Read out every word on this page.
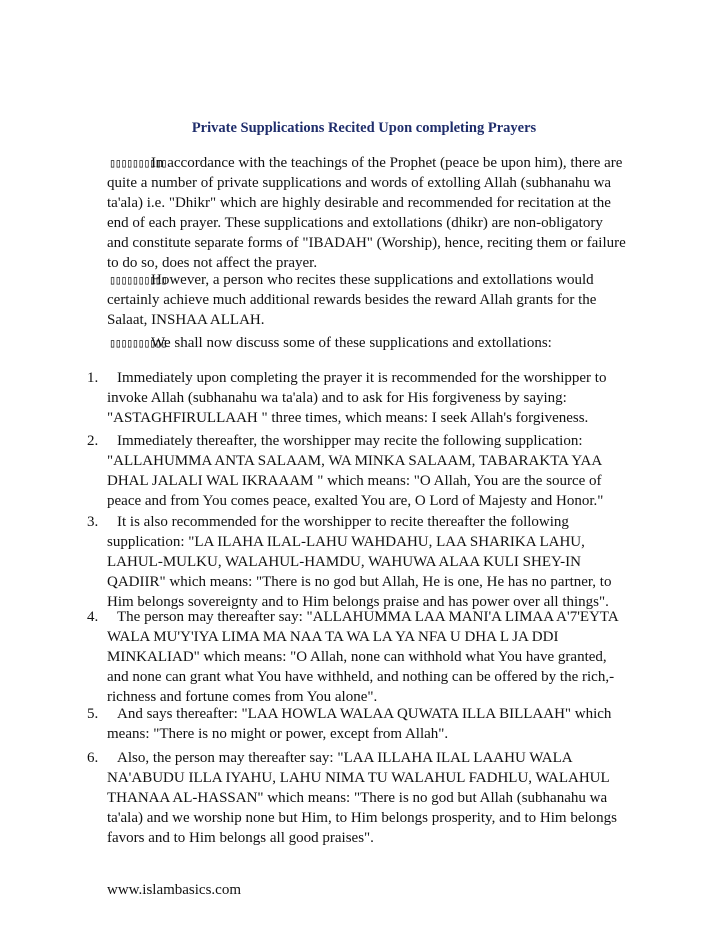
Private Supplications Recited Upon completing Prayers
▯▯▯▯▯▯▯▯▯▯In accordance with the teachings of the Prophet (peace be upon him), there are quite a number of private supplications and words of extolling Allah (subhanahu wa ta'ala) i.e. "Dhikr" which are highly desirable and recommended for recitation at the end of each prayer. These supplications and extollations (dhikr) are non-obligatory and constitute separate forms of "IBADAH" (Worship), hence, reciting them or failure to do so, does not affect the prayer.
▯▯▯▯▯▯▯▯▯▯However, a person who recites these supplications and extollations would certainly achieve much additional rewards besides the reward Allah grants for the Salaat, INSHAA ALLAH.
▯▯▯▯▯▯▯▯▯▯We shall now discuss some of these supplications and extollations:
1.	Immediately upon completing the prayer it is recommended for the worshipper to invoke Allah (subhanahu wa ta'ala) and to ask for His forgiveness by saying: "ASTAGHFIRULLAAH " three times, which means: I seek Allah's forgiveness.
2.	Immediately thereafter, the worshipper may recite the following supplication: "ALLAHUMMA ANTA SALAAM, WA MINKA SALAAM, TABARAKTA YAA DHAL JALALI WAL IKRAAAM " which means: "O Allah, You are the source of peace and from You comes peace, exalted You are, O Lord of Majesty and Honor."
3.	It is also recommended for the worshipper to recite thereafter the following supplication: "LA ILAHA ILAL-LAHU WAHDAHU, LAA SHARIKA LAHU, LAHUL-MULKU, WALAHUL-HAMDU, WAHUWA ALAA KULI SHEY-IN QADIIR" which means: "There is no god but Allah, He is one, He has no partner, to Him belongs sovereignty and to Him belongs praise and has power over all things".
4.	The person may thereafter say: "ALLAHUMMA LAA MANI'A LIMAA A'7'EYTA WALA MU'Y'IYA LIMA MA NAA TA WA LA YA NFA U DHA L JA DDI MINKALIAD" which means: "O Allah, none can withhold what You have granted, and none can grant what You have withheld, and nothing can be offered by the rich,- richness and fortune comes from You alone".
5.	And says thereafter: "LAA HOWLA WALAA QUWATA ILLA BILLAAH" which means: "There is no might or power, except from Allah".
6.	Also, the person may thereafter say: "LAA ILLAHA ILAL LAAHU WALA NA'ABUDU ILLA IYAHU, LAHU NIMA TU WALAHUL FADHLU, WALAHUL THANAA AL-HASSAN" which means: "There is no god but Allah (subhanahu wa ta'ala) and we worship none but Him, to Him belongs prosperity, and to Him belongs favors and to Him belongs all good praises".
www.islambasics.com
